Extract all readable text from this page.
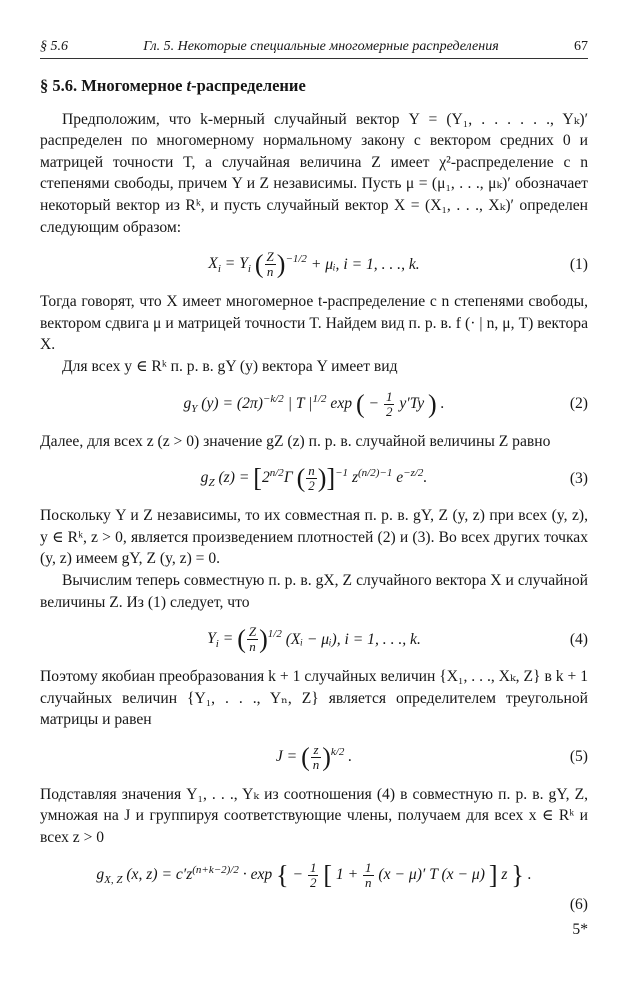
§ 5.6	Гл. 5. Некоторые специальные многомерные распределения	67
§ 5.6. Многомерное t-распределение

Предположим, что k-мерный случайный вектор Y = (Y₁, . . . . . ., Yₖ)′ распределен по многомерному нормальному закону с вектором средних 0 и матрицей точности T, а случайная величина Z имеет χ²-распределение с n степенями свободы, причем Y и Z независимы. Пусть μ = (μ₁, . . ., μₖ)′ обозначает некоторый вектор из Rᵏ, и пусть случайный вектор X = (X₁, . . ., Xₖ)′ определен следующим образом:

$X_i = Y_i$ ( $\frac{Z}{n} )^{-1/2}$ + μᵢ, i = 1, . . ., k.	(1)

Тогда говорят, что X имеет многомерное t-распределение с n степенями свободы, вектором сдвига μ и матрицей точности T. Найдем вид п. р. в. f (· | n, μ, T) вектора X.

Для всех y ∈ Rᵏ п. р. в. gY (y) вектора Y имеет вид

$g_Y$ $(y) = (2\pi)^{-k/2}$ | T $|^{1/2}$ exp ( − $\frac{1}{2} y'Ty$ ) .	(2)

Далее, для всех z (z > 0) значение gZ (z) п. р. в. случайной величины Z равно

$g_Z$ $(z) = [2^{n/2}\Gamma$ ( $\frac{n}{2} )]^{-1}$ $z^{(n/2)-1}$ $e^{-z/2}$.	(3)

Поскольку Y и Z независимы, то их совместная п. р. в. gY, Z (y, z) при всех (y, z), y ∈ Rᵏ, z > 0, является произведением плотностей (2) и (3). Во всех других точках (y, z) имеем gY, Z (y, z) = 0.

Вычислим теперь совместную п. р. в. gX, Z случайного вектора X и случайной величины Z. Из (1) следует, что

$Y_i$ = ( $\frac{Z}{n} )^{1/2}$ (Xᵢ − μᵢ), i = 1, . . ., k.	(4)

Поэтому якобиан преобразования k + 1 случайных величин {X₁, . . ., Xₖ, Z} в k + 1 случайных величин {Y₁, . . ., Yₙ, Z} является определителем треугольной матрицы и равен

J = ( $\frac{z}{n} )^{k/2}$ .	(5)

Подставляя значения Y₁, . . ., Yₖ из соотношения (4) в совместную п. р. в. gY, Z, умножая на J и группируя соответствующие члены, получаем для всех x ∈ Rᵏ и всех z > 0

$g_{X, Z}$ (x, $z) = c'z^{(n+k-2)/2} \cdot \exp$ { − $\frac{1}{2}$ [ $1 + \frac{1}{n} (x - \mu)'$ T (x − μ) ] z } .
(6)
5*
